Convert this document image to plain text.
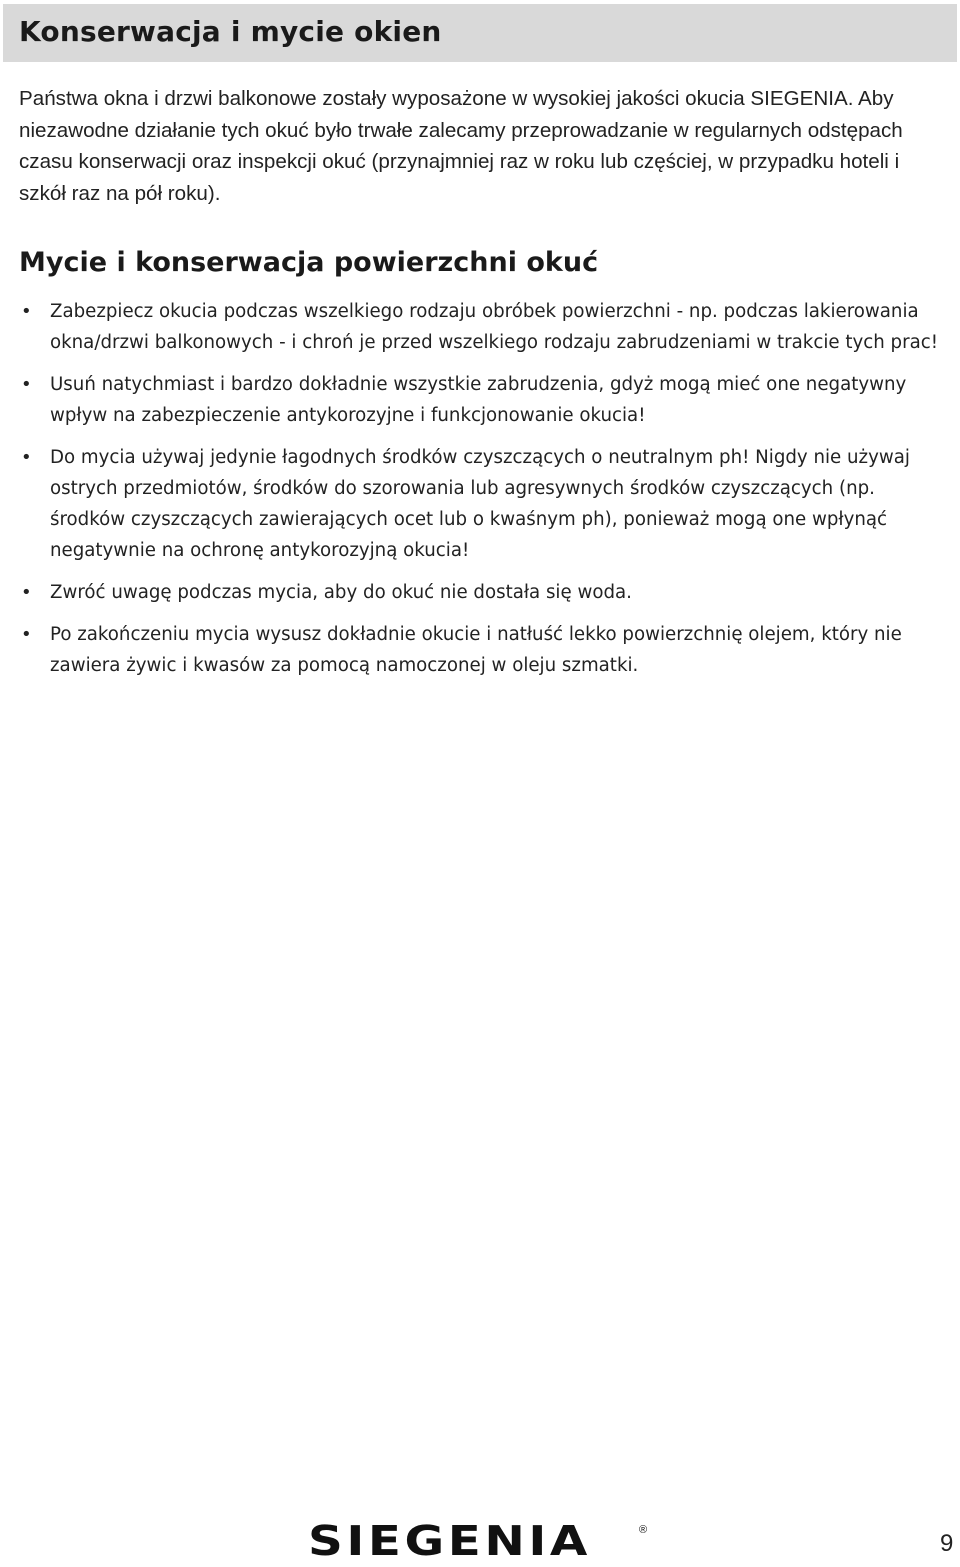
Konserwacja i mycie okien

Państwa okna i drzwi balkonowe zostały wyposażone w wysokiej jakości okucia SIEGENIA. Aby niezawodne działanie tych okuć było trwałe zalecamy przeprowadzanie w regularnych odstępach czasu konserwacji oraz inspekcji okuć (przynajmniej raz w roku lub częściej, w przypadku hoteli i szkół raz na pół roku).

Mycie i konserwacja powierzchni okuć
• Zabezpiecz okucia podczas wszelkiego rodzaju obróbek powierzchni - np. podczas lakierowania okna/drzwi balkonowych - i chroń je przed wszelkiego rodzaju zabrudzeniami w trakcie tych prac!
• Usuń natychmiast i bardzo dokładnie wszystkie zabrudzenia, gdyż mogą mieć one negatywny wpływ na zabezpieczenie antykorozyjne i funkcjonowanie okucia!
• Do mycia używaj jedynie łagodnych środków czyszczących o neutralnym ph! Nigdy nie używaj ostrych przedmiotów, środków do szorowania lub agresywnych środków czyszczących (np. środków czyszczących zawierających ocet lub o kwaśnym ph), ponieważ mogą one wpłynąć negatywnie na ochronę antykorozyjną okucia!
• Zwróć uwagę podczas mycia, aby do okuć nie dostała się woda.
• Po zakończeniu mycia wysusz dokładnie okucie i natłuść lekko powierzchnię olejem, który nie zawiera żywic i kwasów za pomocą namoczonej w oleju szmatki.
SIEGENIA	®	9
